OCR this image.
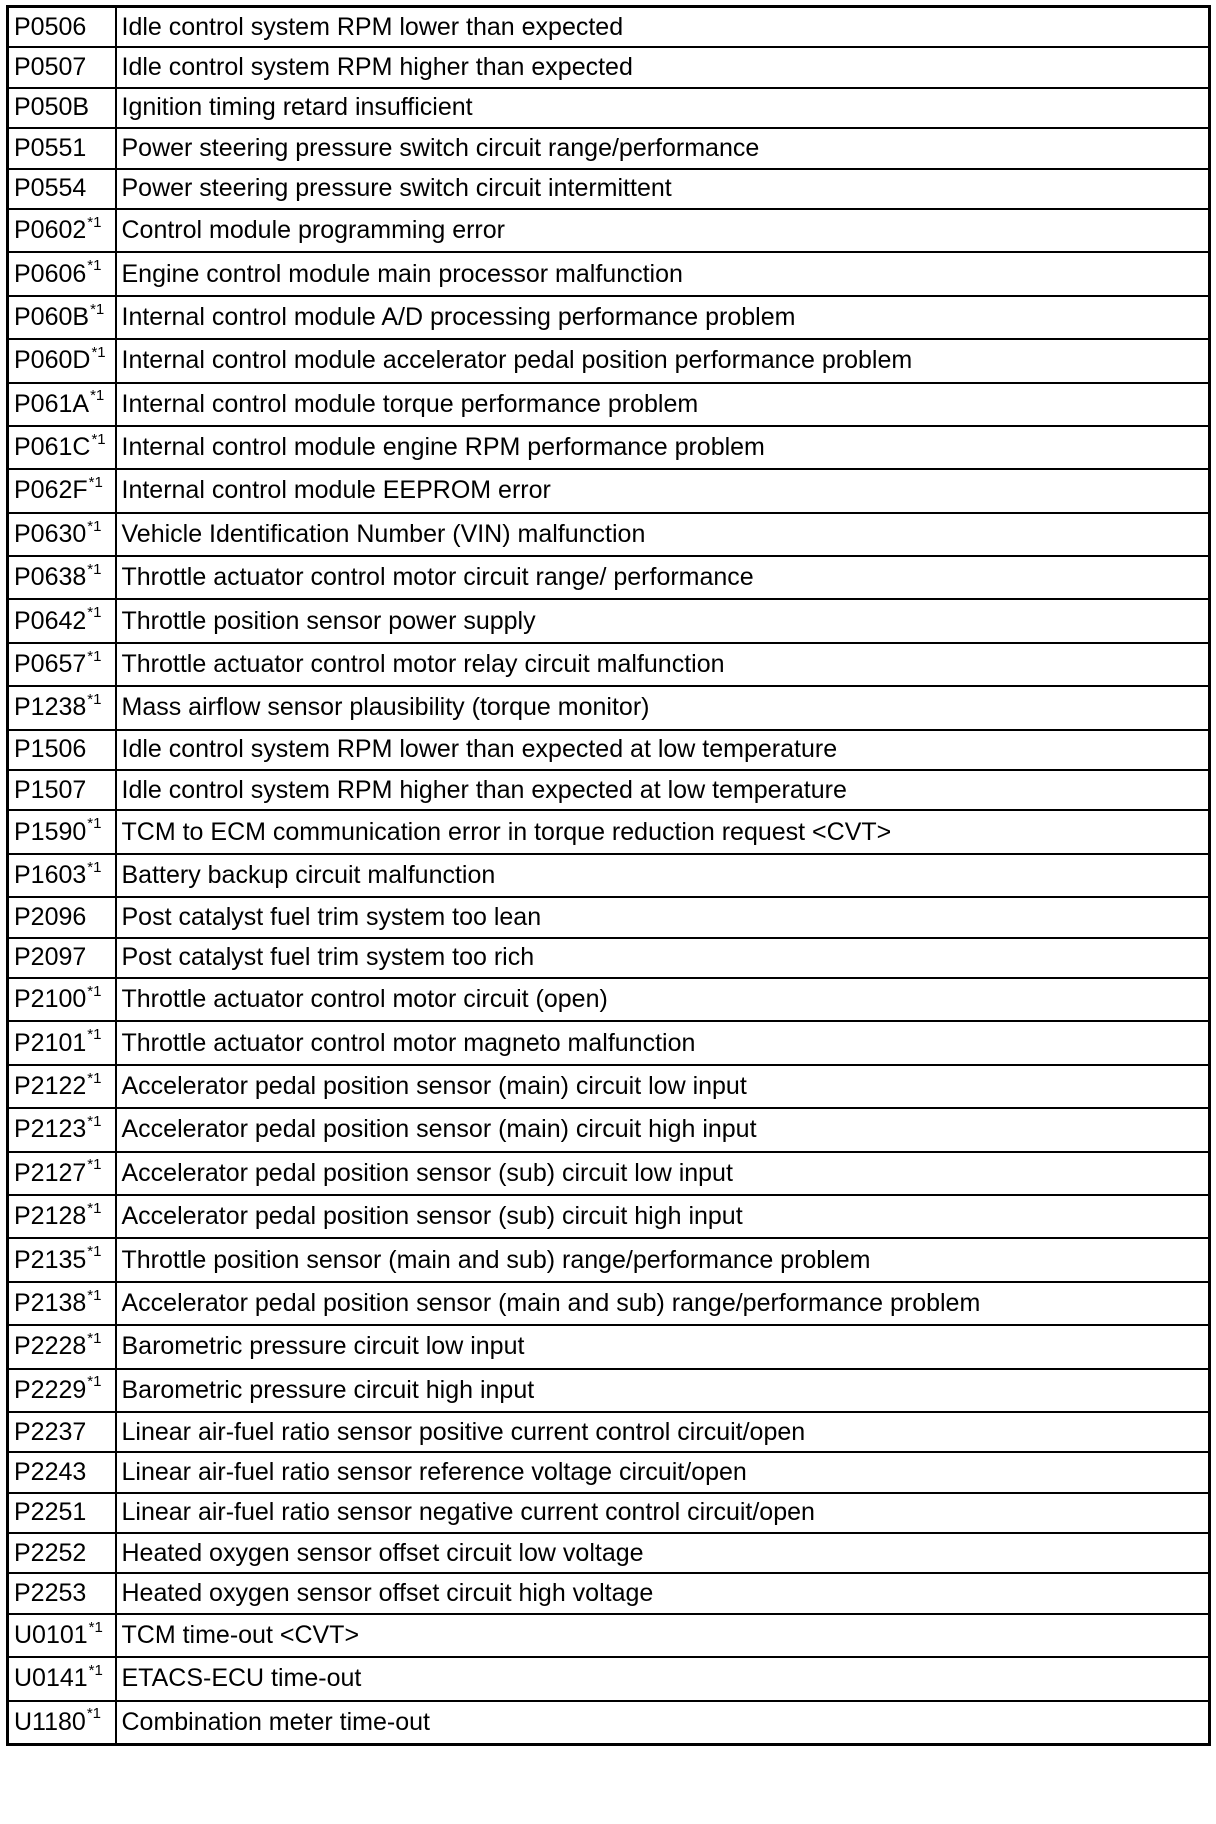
P0506	Idle control system RPM lower than expected
P0507	Idle control system RPM higher than expected
P050B	Ignition timing retard insufficient
P0551	Power steering pressure switch circuit range/performance
P0554	Power steering pressure switch circuit intermittent
P0602$^{*1}$	Control module programming error
P0606$^{*1}$	Engine control module main processor malfunction
P060B$^{*1}$	Internal control module A/D processing performance problem
P060D$^{*1}$	Internal control module accelerator pedal position performance problem
P061A$^{*1}$	Internal control module torque performance problem
P061C$^{*1}$	Internal control module engine RPM performance problem
P062F$^{*1}$	Internal control module EEPROM error
P0630$^{*1}$	Vehicle Identification Number (VIN) malfunction
P0638$^{*1}$	Throttle actuator control motor circuit range/ performance
P0642$^{*1}$	Throttle position sensor power supply
P0657$^{*1}$	Throttle actuator control motor relay circuit malfunction
P1238$^{*1}$	Mass airflow sensor plausibility (torque monitor)
P1506	Idle control system RPM lower than expected at low temperature
P1507	Idle control system RPM higher than expected at low temperature
P1590$^{*1}$	TCM to ECM communication error in torque reduction request <CVT>
P1603$^{*1}$	Battery backup circuit malfunction
P2096	Post catalyst fuel trim system too lean
P2097	Post catalyst fuel trim system too rich
P2100$^{*1}$	Throttle actuator control motor circuit (open)
P2101$^{*1}$	Throttle actuator control motor magneto malfunction
P2122$^{*1}$	Accelerator pedal position sensor (main) circuit low input
P2123$^{*1}$	Accelerator pedal position sensor (main) circuit high input
P2127$^{*1}$	Accelerator pedal position sensor (sub) circuit low input
P2128$^{*1}$	Accelerator pedal position sensor (sub) circuit high input
P2135$^{*1}$	Throttle position sensor (main and sub) range/performance problem
P2138$^{*1}$	Accelerator pedal position sensor (main and sub) range/performance problem
P2228$^{*1}$	Barometric pressure circuit low input
P2229$^{*1}$	Barometric pressure circuit high input
P2237	Linear air-fuel ratio sensor positive current control circuit/open
P2243	Linear air-fuel ratio sensor reference voltage circuit/open
P2251	Linear air-fuel ratio sensor negative current control circuit/open
P2252	Heated oxygen sensor offset circuit low voltage
P2253	Heated oxygen sensor offset circuit high voltage
U0101$^{*1}$	TCM time-out <CVT>
U0141$^{*1}$	ETACS-ECU time-out
U1180$^{*1}$	Combination meter time-out
